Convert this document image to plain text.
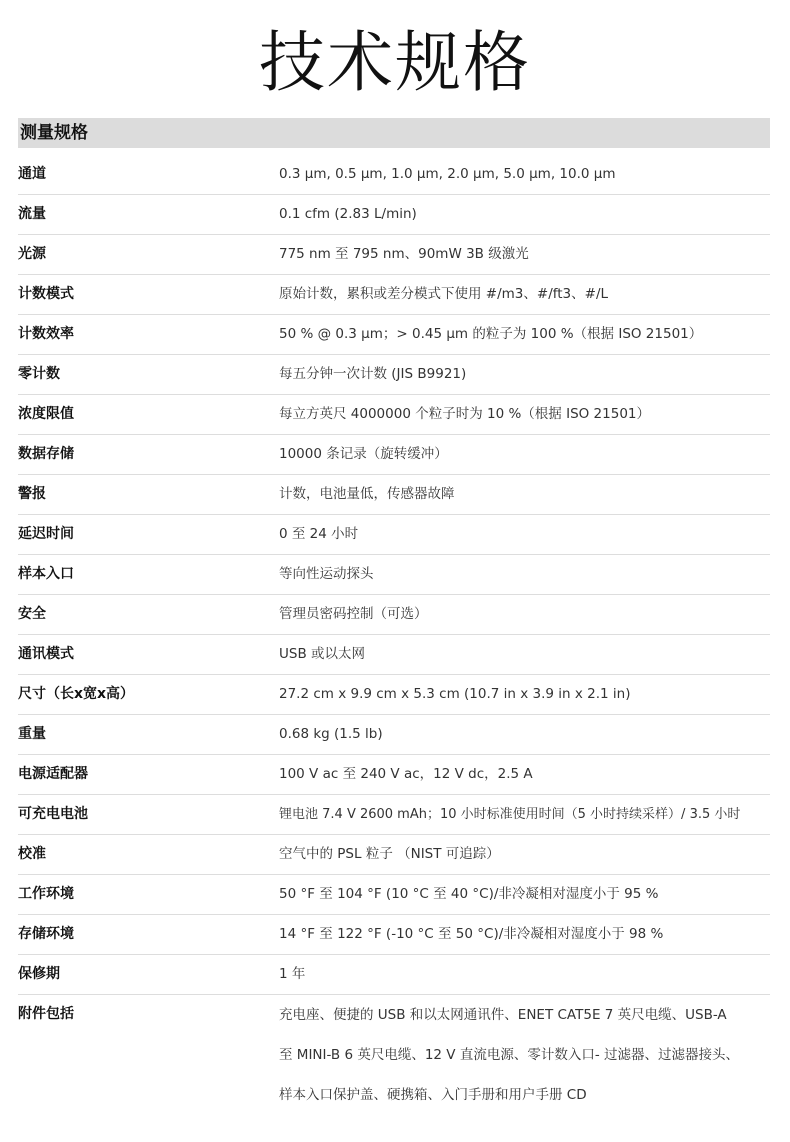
技术规格
测量规格
通道	0.3 μm, 0.5 μm, 1.0 μm, 2.0 μm, 5.0 μm, 10.0 μm
流量	0.1 cfm (2.83 L/min)
光源	775 nm 至 795 nm、90mW 3B 级激光
计数模式	原始计数，累积或差分模式下使用 #/m3、#/ft3、#/L
计数效率	50 % @ 0.3 μm；> 0.45 μm 的粒子为 100 %（根据 ISO 21501）
零计数	每五分钟一次计数 (JIS B9921)
浓度限值	每立方英尺 4000000 个粒子时为 10 %（根据 ISO 21501）
数据存储	10000 条记录（旋转缓冲）
警报	计数，电池量低，传感器故障
延迟时间	0 至 24 小时
样本入口	等向性运动探头
安全	管理员密码控制（可选）
通讯模式	USB 或以太网
尺寸（长x宽x高）	27.2 cm x 9.9 cm x 5.3 cm (10.7 in x 3.9 in x 2.1 in)
重量	0.68 kg (1.5 lb)
电源适配器	100 V ac 至 240 V ac，12 V dc，2.5 A
可充电电池	锂电池 7.4 V 2600 mAh；10 小时标准使用时间（5 小时持续采样）/ 3.5 小时
校准	空气中的 PSL 粒子 （NIST 可追踪）
工作环境	50 °F 至 104 °F (10 °C 至 40 °C)/非冷凝相对湿度小于 95 %
存储环境	14 °F 至 122 °F (-10 °C 至 50 °C)/非冷凝相对湿度小于 98 %
保修期	1 年
附件包括	充电座、便捷的 USB 和以太网通讯件、ENET CAT5E 7 英尺电缆、USB-A
至 MINI-B 6 英尺电缆、12 V 直流电源、零计数入口- 过滤器、过滤器接头、
样本入口保护盖、硬携箱、入门手册和用户手册 CD
